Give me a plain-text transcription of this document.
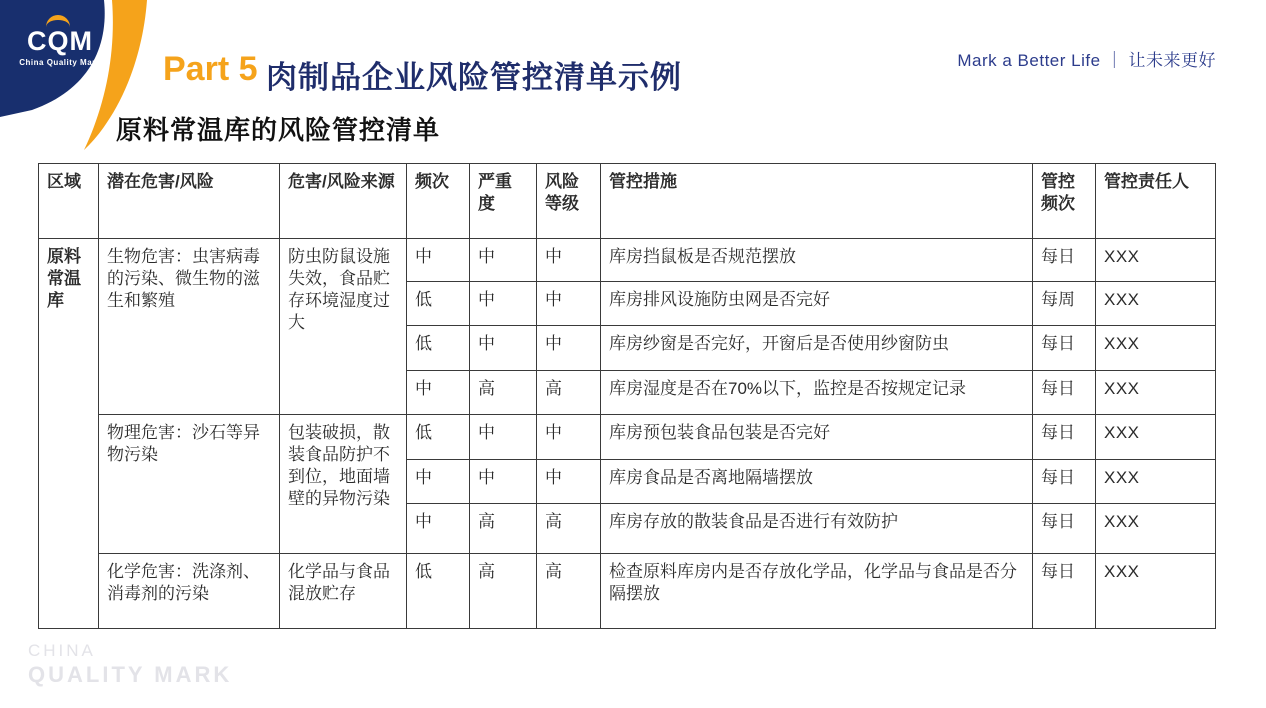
CQM
China Quality Mark	Part 5 肉制品企业风险管控清单示例	Mark a Better Life ｜ 让未来更好
原料常温库的风险管控清单
区域	潜在危害/风险	危害/风险来源	频次	严重度	风险等级	管控措施	管控频次	管控责任人
原料常温库	生物危害：虫害病毒的污染、微生物的滋生和繁殖	防虫防鼠设施失效，食品贮存环境湿度过大	中	中	中	库房挡鼠板是否规范摆放	每日	XXX
			低	中	中	库房排风设施防虫网是否完好	每周	XXX
			低	中	中	库房纱窗是否完好，开窗后是否使用纱窗防虫	每日	XXX
			中	高	高	库房湿度是否在70%以下，监控是否按规定记录	每日	XXX
	物理危害：沙石等异物污染	包装破损，散装食品防护不到位，地面墙壁的异物污染	低	中	中	库房预包装食品包装是否完好	每日	XXX
			中	中	中	库房食品是否离地隔墙摆放	每日	XXX
			中	高	高	库房存放的散装食品是否进行有效防护	每日	XXX
	化学危害：洗涤剂、消毒剂的污染	化学品与食品混放贮存	低	高	高	检查原料库房内是否存放化学品，化学品与食品是否分隔摆放	每日	XXX
CHINA
QUALITY MARK
